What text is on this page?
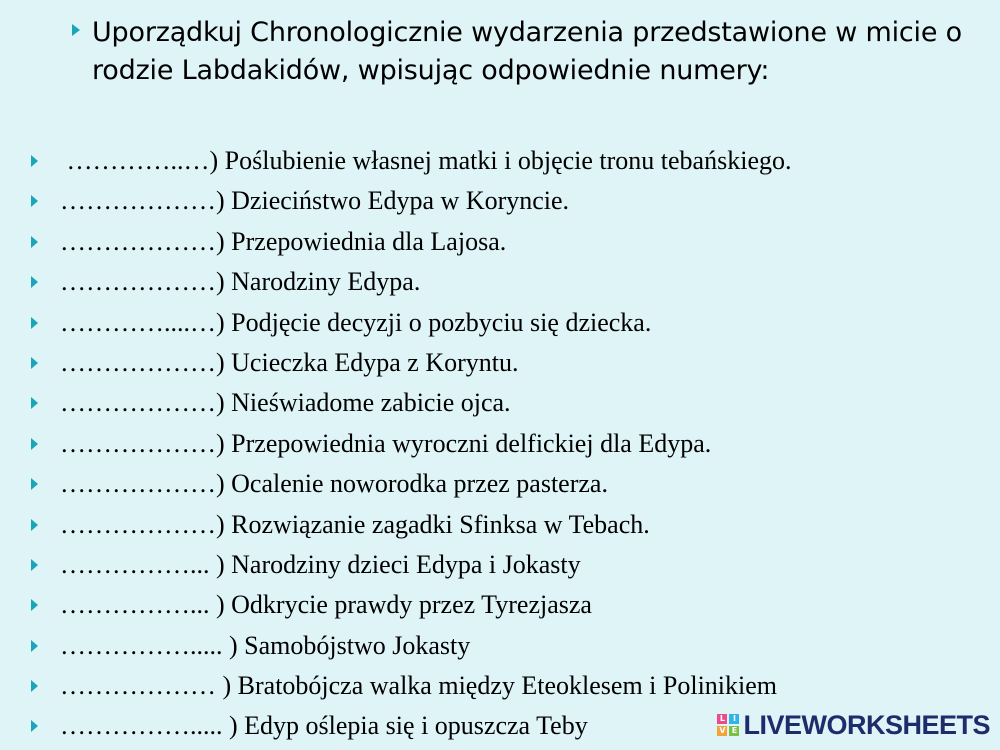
Uporządkuj Chronologicznie wydarzenia przedstawione w micie o rodzie Labdakidów, wpisując odpowiednie numery:
…………..…) Poślubienie własnej matki i objęcie tronu tebańskiego.
………………) Dzieciństwo Edypa w Koryncie.
………………) Przepowiednia dla Lajosa.
………………) Narodziny Edypa.
…………....…) Podjęcie decyzji o pozbyciu się dziecka.
………………) Ucieczka Edypa z Koryntu.
………………) Nieświadome zabicie ojca.
………………) Przepowiednia wyroczni delfickiej dla Edypa.
………………) Ocalenie noworodka przez pasterza.
………………) Rozwiązanie zagadki Sfinksa w Tebach.
……………... ) Narodziny dzieci Edypa i Jokasty
……………... ) Odkrycie prawdy przez Tyrezjasza
……………..... ) Samobójstwo Jokasty
……………… ) Bratobójcza walka między Eteoklesem i Polinikiem
……………..... ) Edyp oślepia się i opuszcza Teby	L I
V E LIVEWORKSHEETS
